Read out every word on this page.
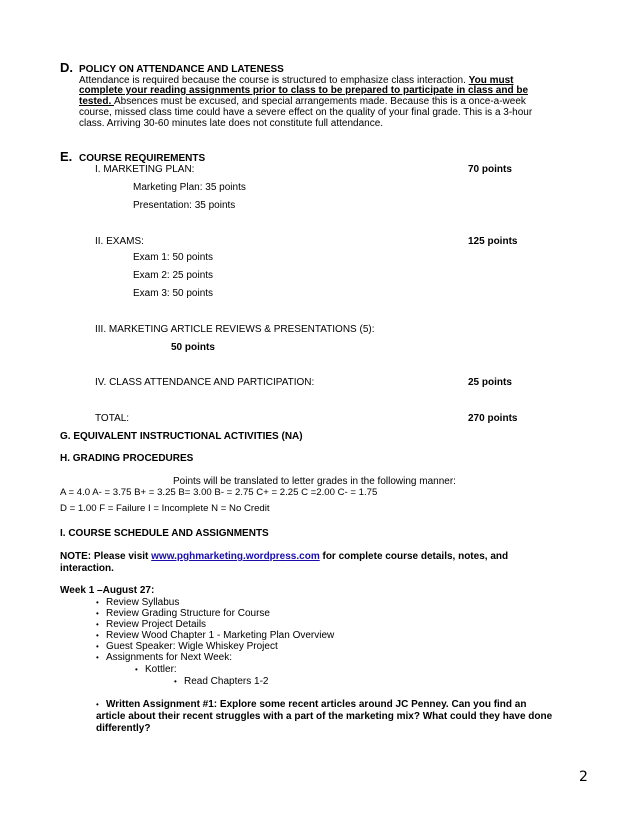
D. POLICY ON ATTENDANCE AND LATENESS
Attendance is required because the course is structured to emphasize class interaction. You must
complete your reading assignments prior to class to be prepared to participate in class and be
tested. Absences must be excused, and special arrangements made. Because this is a once-a-week
course, missed class time could have a severe effect on the quality of your final grade. This is a 3-hour
class. Arriving 30-60 minutes late does not constitute full attendance.
E. COURSE REQUIREMENTS
I. MARKETING PLAN:	70 points
Marketing Plan: 35 points
Presentation: 35 points
II. EXAMS:	125 points
Exam 1: 50 points
Exam 2: 25 points
Exam 3: 50 points
III. MARKETING ARTICLE REVIEWS & PRESENTATIONS (5):
50 points
IV. CLASS ATTENDANCE AND PARTICIPATION:	25 points
TOTAL:	270 points
G. EQUIVALENT INSTRUCTIONAL ACTIVITIES (NA)
H. GRADING PROCEDURES
Points will be translated to letter grades in the following manner:
A = 4.0 A- = 3.75 B+ = 3.25 B= 3.00 B- = 2.75 C+ = 2.25 C =2.00 C- = 1.75
D = 1.00 F = Failure I = Incomplete N = No Credit
I. COURSE SCHEDULE AND ASSIGNMENTS
NOTE: Please visit www.pghmarketing.wordpress.com for complete course details, notes, and
interaction.
Week 1 –August 27:
• Review Syllabus
• Review Grading Structure for Course
• Review Project Details
• Review Wood Chapter 1 - Marketing Plan Overview
• Guest Speaker: Wigle Whiskey Project
• Assignments for Next Week:
• Kottler:
• Read Chapters 1-2
• Written Assignment #1: Explore some recent articles around JC Penney. Can you find an
article about their recent struggles with a part of the marketing mix? What could they have done
differently?
2
